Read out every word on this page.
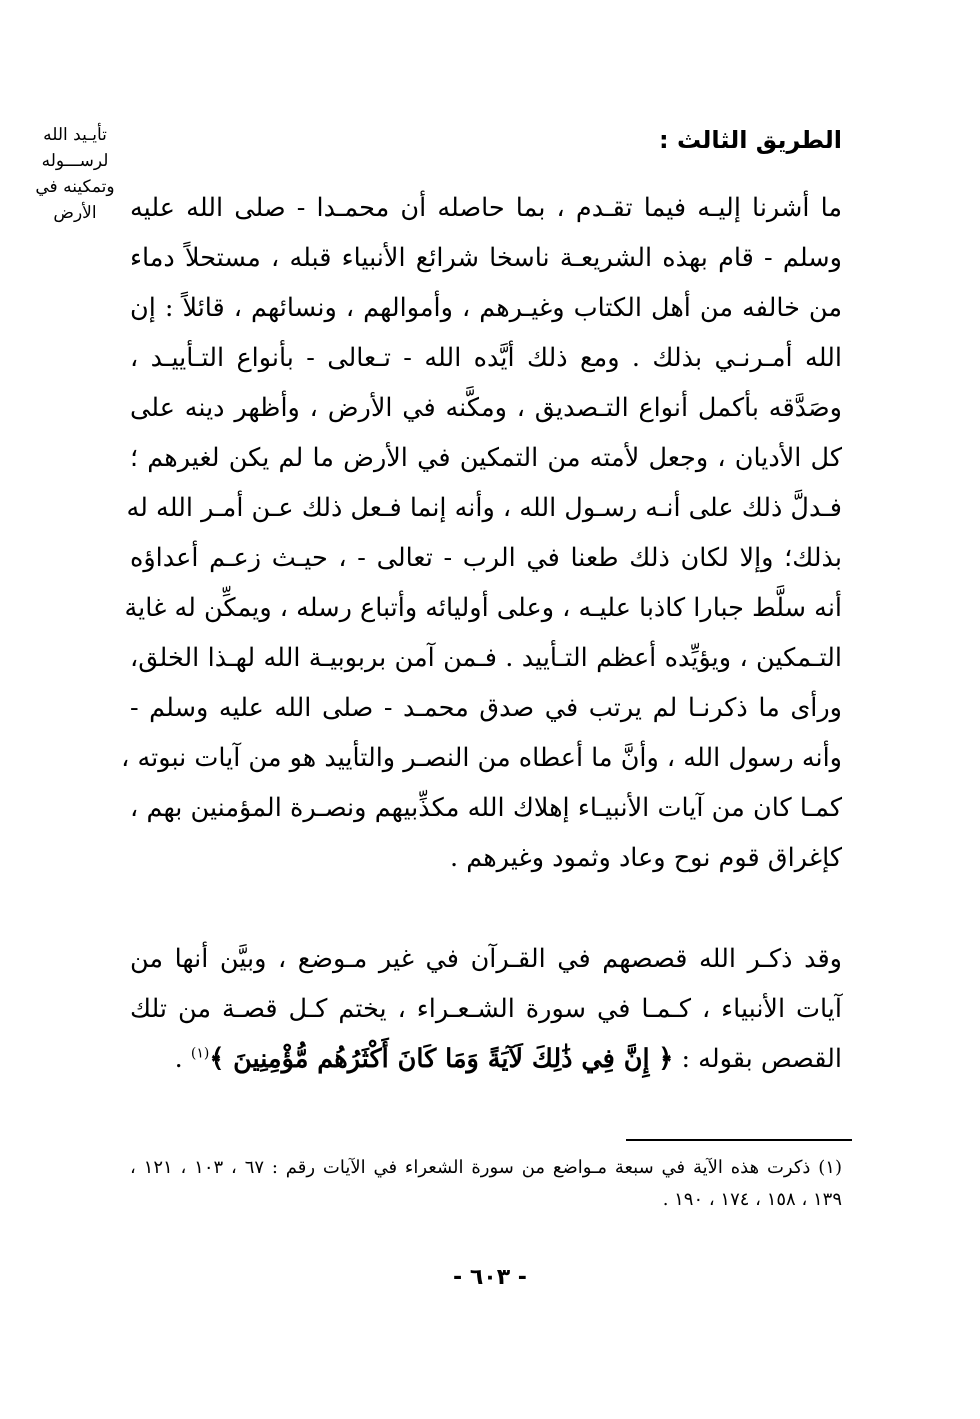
تأيـيد الله
لرســـوله
وتمكينه في
الأرض
الطريق الثالث :
ما أشرنا إليـه فيما تقـدم ، بما حاصله أن محمـدا - صلى الله عليه
وسلم - قام بهذه الشريعـة ناسخا شرائع الأنبياء قبله ، مستحلاً دماء
من خالفه من أهل الكتاب وغيـرهم ، وأموالهم ، ونسائهم ، قائلاً : إن
الله أمـرنـي بذلك . ومع ذلك أيَّده الله - تـعالى - بأنواع التـأييـد ،
وصَدَّقه بأكمل أنواع التـصديق ، ومكَّنه في الأرض ، وأظهر دينه على
كل الأديان ، وجعل لأمته من التمكين في الأرض ما لم يكن لغيرهم ؛
فـدلَّ ذلك على أنـه رسـول الله ، وأنه إنما فـعل ذلك عـن أمـر الله له
بذلك؛ وإلا لكان ذلك طعنا في الرب - تعالى - ، حيـث زعـم أعداؤه
أنه سلَّط جبارا كاذبا عليـه ، وعلى أوليائه وأتباع رسله ، ويمكِّن له غاية
التـمكين ، ويؤيِّده أعظم التـأييد . فـمن آمن بربوبيـة الله لهـذا الخلق،
ورأى ما ذكرنـا لم يرتب في صدق محمـد - صلى الله عليه وسلم -
وأنه رسول الله ، وأنَّ ما أعطاه من النصـر والتأييد هو من آيات نبوته ،
كمـا كان من آيات الأنبيـاء إهلاك الله مكذِّبيهم ونصـرة المؤمنين بهم ،
كإغراق قوم نوح وعاد وثمود وغيرهم .
وقد ذكـر الله قصصهم في القـرآن في غير مـوضع ، وبيَّن أنها من
آيات الأنبياء ، كـمـا في سورة الشـعـراء ، يختم كـل قصـة من تلك
القصص بقوله : ﴿ إِنَّ فِي ذَٰلِكَ لَآيَةً وَمَا كَانَ أَكْثَرُهُم مُّؤْمِنِينَ ﴾$^{(١)}$ .
(١) ذكرت هذه الآية في سبعة مـواضع من سورة الشعراء في الآيات رقم : ٦٧ ، ١٠٣ ، ١٢١ ،
١٣٩ ، ١٥٨ ، ١٧٤ ، ١٩٠ .
- ٦٠٣ -
